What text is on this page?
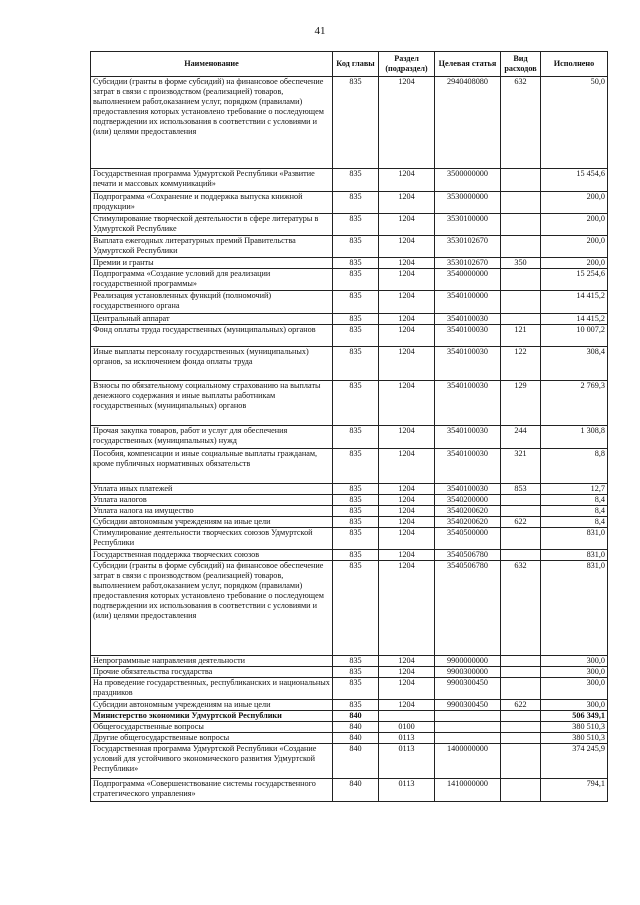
41
Наименование	Код главы	Раздел (подраздел)	Целевая статья	Вид расходов	Исполнено
Субсидии (гранты в форме субсидий) на финансовое обеспечение затрат в связи с производством (реализацией) товаров, выполнением работ,оказанием услуг, порядком (правилами) предоставления которых установлено требование о последующем подтверждении их использования в соответствии с условиями и (или) целями предоставления	835	1204	2940408080	632	50,0
Государственная программа Удмуртской Республики «Развитие печати и массовых коммуникаций»	835	1204	3500000000		15 454,6
Подпрограмма «Сохранение и поддержка выпуска книжной продукции»	835	1204	3530000000		200,0
Стимулирование творческой деятельности в сфере литературы в Удмуртской Республике	835	1204	3530100000		200,0
Выплата ежегодных литературных премий Правительства Удмуртской Республики	835	1204	3530102670		200,0
Премии и гранты	835	1204	3530102670	350	200,0
Подпрограмма «Создание условий для реализации государственной программы»	835	1204	3540000000		15 254,6
Реализация установленных функций (полномочий) государственного органа	835	1204	3540100000		14 415,2
Центральный аппарат	835	1204	3540100030		14 415,2
Фонд оплаты труда государственных (муниципальных) органов	835	1204	3540100030	121	10 007,2
Иные выплаты персоналу государственных (муниципальных) органов, за исключением фонда оплаты труда	835	1204	3540100030	122	308,4
Взносы по обязательному социальному страхованию на выплаты денежного содержания и иные выплаты работникам государственных (муниципальных) органов	835	1204	3540100030	129	2 769,3
Прочая закупка товаров, работ и услуг для обеспечения государственных (муниципальных) нужд	835	1204	3540100030	244	1 308,8
Пособия, компенсации и иные социальные выплаты гражданам, кроме публичных нормативных обязательств	835	1204	3540100030	321	8,8
Уплата иных платежей	835	1204	3540100030	853	12,7
Уплата налогов	835	1204	3540200000		8,4
Уплата налога на имущество	835	1204	3540200620		8,4
Субсидии автономным учреждениям на иные цели	835	1204	3540200620	622	8,4
Стимулирование деятельности творческих союзов Удмуртской Республики	835	1204	3540500000		831,0
Государственная поддержка творческих союзов	835	1204	3540506780		831,0
Субсидии (гранты в форме субсидий) на финансовое обеспечение затрат в связи с производством (реализацией) товаров, выполнением работ,оказанием услуг, порядком (правилами) предоставления которых установлено требование о последующем подтверждении их использования в соответствии с условиями и (или) целями предоставления	835	1204	3540506780	632	831,0
Непрограммные направления деятельности	835	1204	9900000000		300,0
Прочие обязательства государства	835	1204	9900300000		300,0
На проведение государственных, республиканских и национальных праздников	835	1204	9900300450		300,0
Субсидии автономным учреждениям на иные цели	835	1204	9900300450	622	300,0
Министерство экономики Удмуртской Республики	840				506 349,1
Общегосударственные вопросы	840	0100			380 510,3
Другие общегосударственные вопросы	840	0113			380 510,3
Государственная программа Удмуртской Республики «Создание условий для устойчивого экономического развития Удмуртской Республики»	840	0113	1400000000		374 245,9
Подпрограмма «Совершенствование системы государственного стратегического управления»	840	0113	1410000000		794,1
